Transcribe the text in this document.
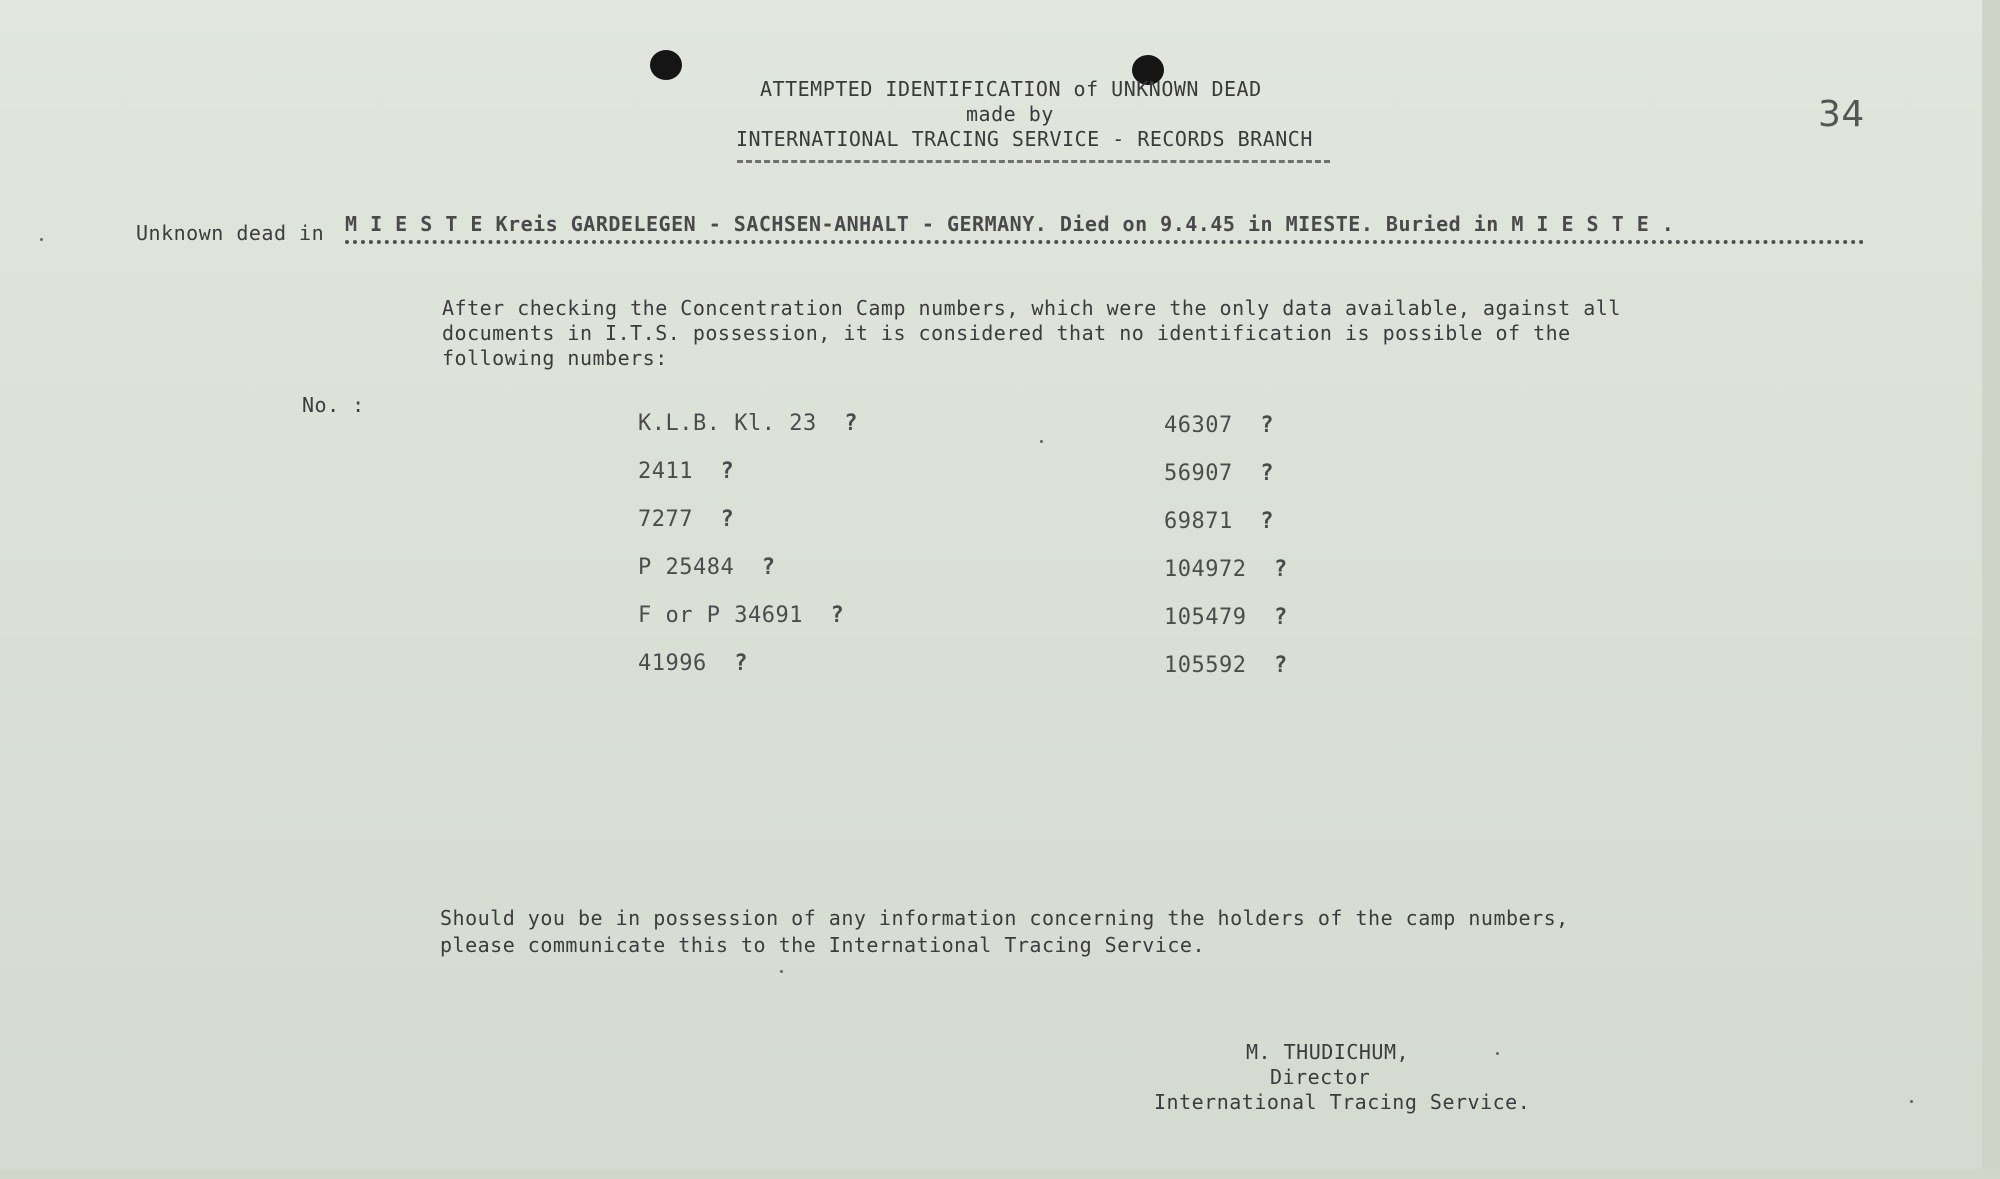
34
ATTEMPTED IDENTIFICATION of UNKNOWN DEAD
made by
INTERNATIONAL TRACING SERVICE - RECORDS BRANCH
Unknown dead in M I E S T E Kreis GARDELEGEN - SACHSEN-ANHALT - GERMANY. Died on 9.4.45 in MIESTE. Buried in M I E S T E .
After checking the Concentration Camp numbers, which were the only data available, against all
documents in I.T.S. possession, it is considered that no identification is possible of the
following numbers:
No. :
K.L.B. Kl. 23 ?
2411 ?
7277 ?
P 25484 ?
F or P 34691 ?
41996 ?
46307 ?
56907 ?
69871 ?
104972 ?
105479 ?
105592 ?
Should you be in possession of any information concerning the holders of the camp numbers,
please communicate this to the International Tracing Service.
M. THUDICHUM,
Director
International Tracing Service.
